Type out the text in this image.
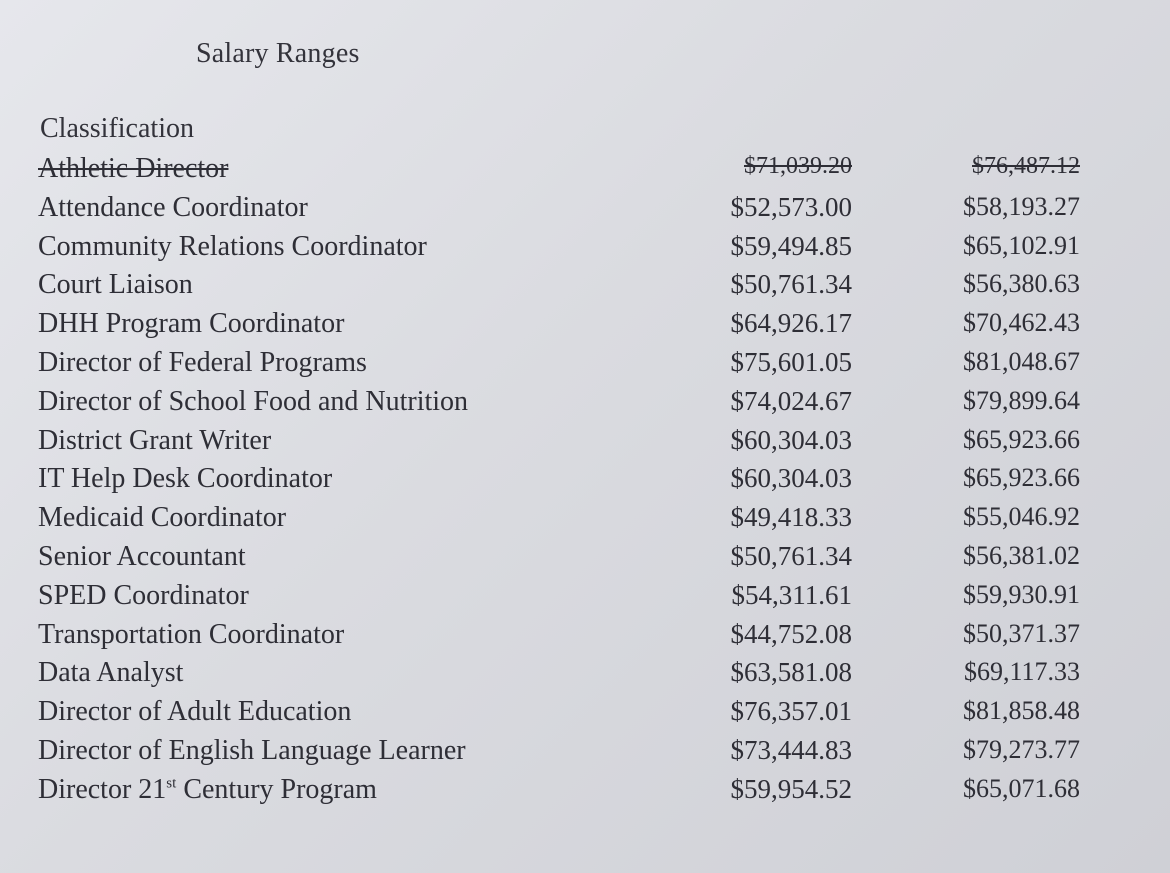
Salary Ranges
Classification
Athletic Director	$71,039.20	$76,487.12
Attendance Coordinator	$52,573.00	$58,193.27
Community Relations Coordinator	$59,494.85	$65,102.91
Court Liaison	$50,761.34	$56,380.63
DHH Program Coordinator	$64,926.17	$70,462.43
Director of Federal Programs	$75,601.05	$81,048.67
Director of School Food and Nutrition	$74,024.67	$79,899.64
District Grant Writer	$60,304.03	$65,923.66
IT Help Desk Coordinator	$60,304.03	$65,923.66
Medicaid Coordinator	$49,418.33	$55,046.92
Senior Accountant	$50,761.34	$56,381.02
SPED Coordinator	$54,311.61	$59,930.91
Transportation Coordinator	$44,752.08	$50,371.37
Data Analyst	$63,581.08	$69,117.33
Director of Adult Education	$76,357.01	$81,858.48
Director of English Language Learner	$73,444.83	$79,273.77
Director 21st Century Program	$59,954.52	$65,071.68
